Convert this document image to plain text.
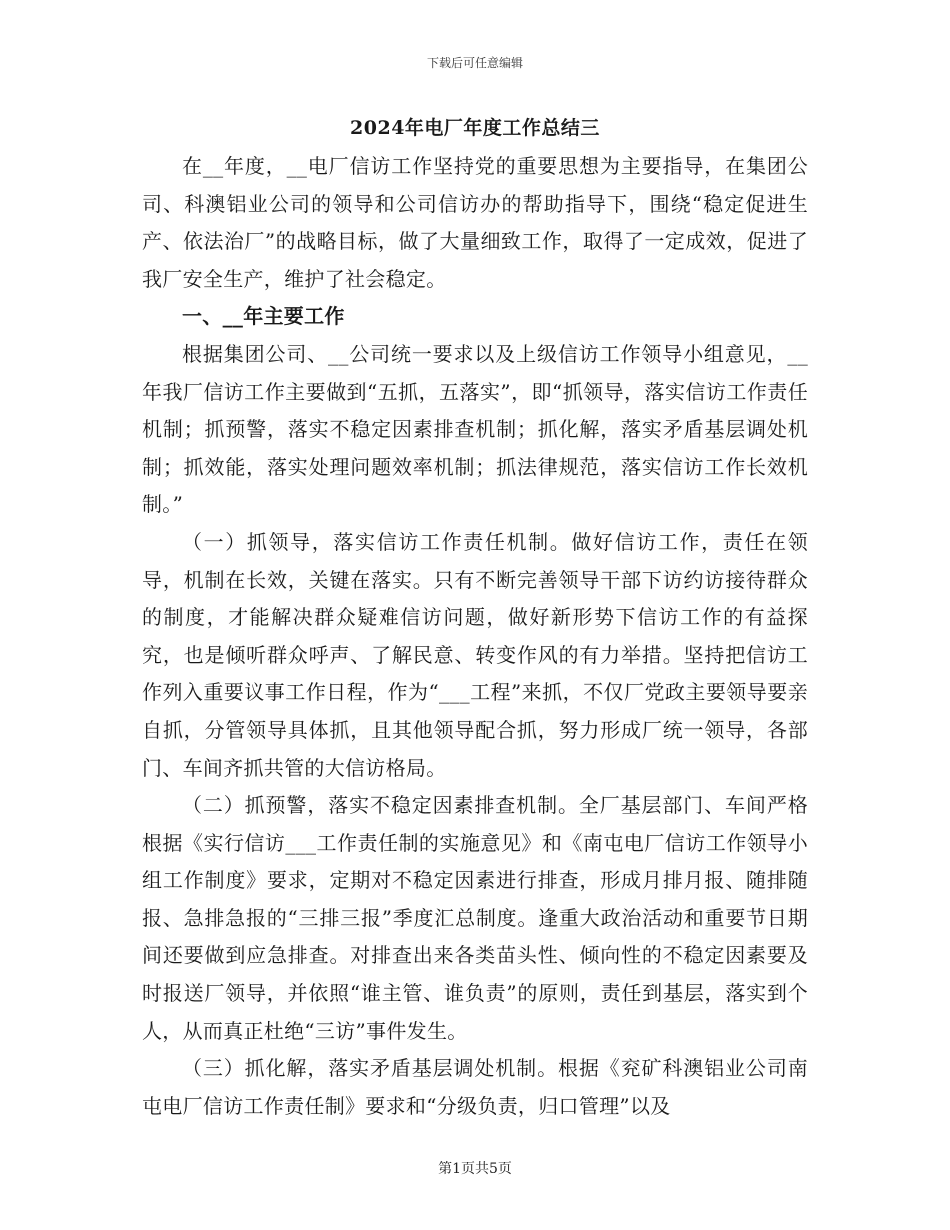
下载后可任意编辑
2024年电厂年度工作总结三

在__年度，__电厂信访工作坚持党的重要思想为主要指导，在集团公司、科澳铝业公司的领导和公司信访办的帮助指导下，围绕“稳定促进生产、依法治厂”的战略目标，做了大量细致工作，取得了一定成效，促进了我厂安全生产，维护了社会稳定。

一、__年主要工作

根据集团公司、__公司统一要求以及上级信访工作领导小组意见，__年我厂信访工作主要做到“五抓，五落实”，即“抓领导，落实信访工作责任机制；抓预警，落实不稳定因素排查机制；抓化解，落实矛盾基层调处机制；抓效能，落实处理问题效率机制；抓法律规范，落实信访工作长效机制。”

（一）抓领导，落实信访工作责任机制。做好信访工作，责任在领导，机制在长效，关键在落实。只有不断完善领导干部下访约访接待群众的制度，才能解决群众疑难信访问题，做好新形势下信访工作的有益探究，也是倾听群众呼声、了解民意、转变作风的有力举措。坚持把信访工作列入重要议事工作日程，作为“___工程”来抓，不仅厂党政主要领导要亲自抓，分管领导具体抓，且其他领导配合抓，努力形成厂统一领导，各部门、车间齐抓共管的大信访格局。

（二）抓预警，落实不稳定因素排查机制。全厂基层部门、车间严格根据《实行信访___工作责任制的实施意见》和《南屯电厂信访工作领导小组工作制度》要求，定期对不稳定因素进行排查，形成月排月报、随排随报、急排急报的“三排三报”季度汇总制度。逢重大政治活动和重要节日期间还要做到应急排查。对排查出来各类苗头性、倾向性的不稳定因素要及时报送厂领导，并依照“谁主管、谁负责”的原则，责任到基层，落实到个人，从而真正杜绝“三访”事件发生。

（三）抓化解，落实矛盾基层调处机制。根据《兖矿科澳铝业公司南屯电厂信访工作责任制》要求和“分级负责，归口管理”以及

第1页共5页
